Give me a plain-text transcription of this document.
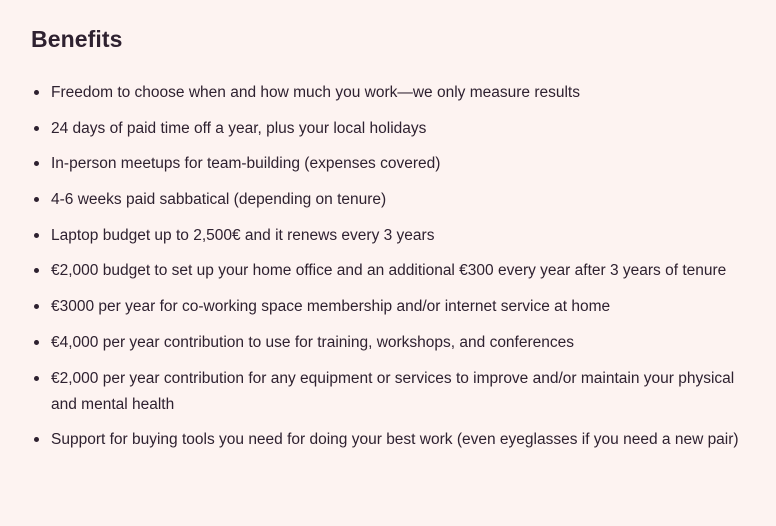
Benefits
Freedom to choose when and how much you work—we only measure results
24 days of paid time off a year, plus your local holidays
In-person meetups for team-building (expenses covered)
4-6 weeks paid sabbatical (depending on tenure)
Laptop budget up to 2,500€ and it renews every 3 years
€2,000 budget to set up your home office and an additional €300 every year after 3 years of tenure
€3000 per year for co-working space membership and/or internet service at home
€4,000 per year contribution to use for training, workshops, and conferences
€2,000 per year contribution for any equipment or services to improve and/or maintain your physical and mental health
Support for buying tools you need for doing your best work (even eyeglasses if you need a new pair)
